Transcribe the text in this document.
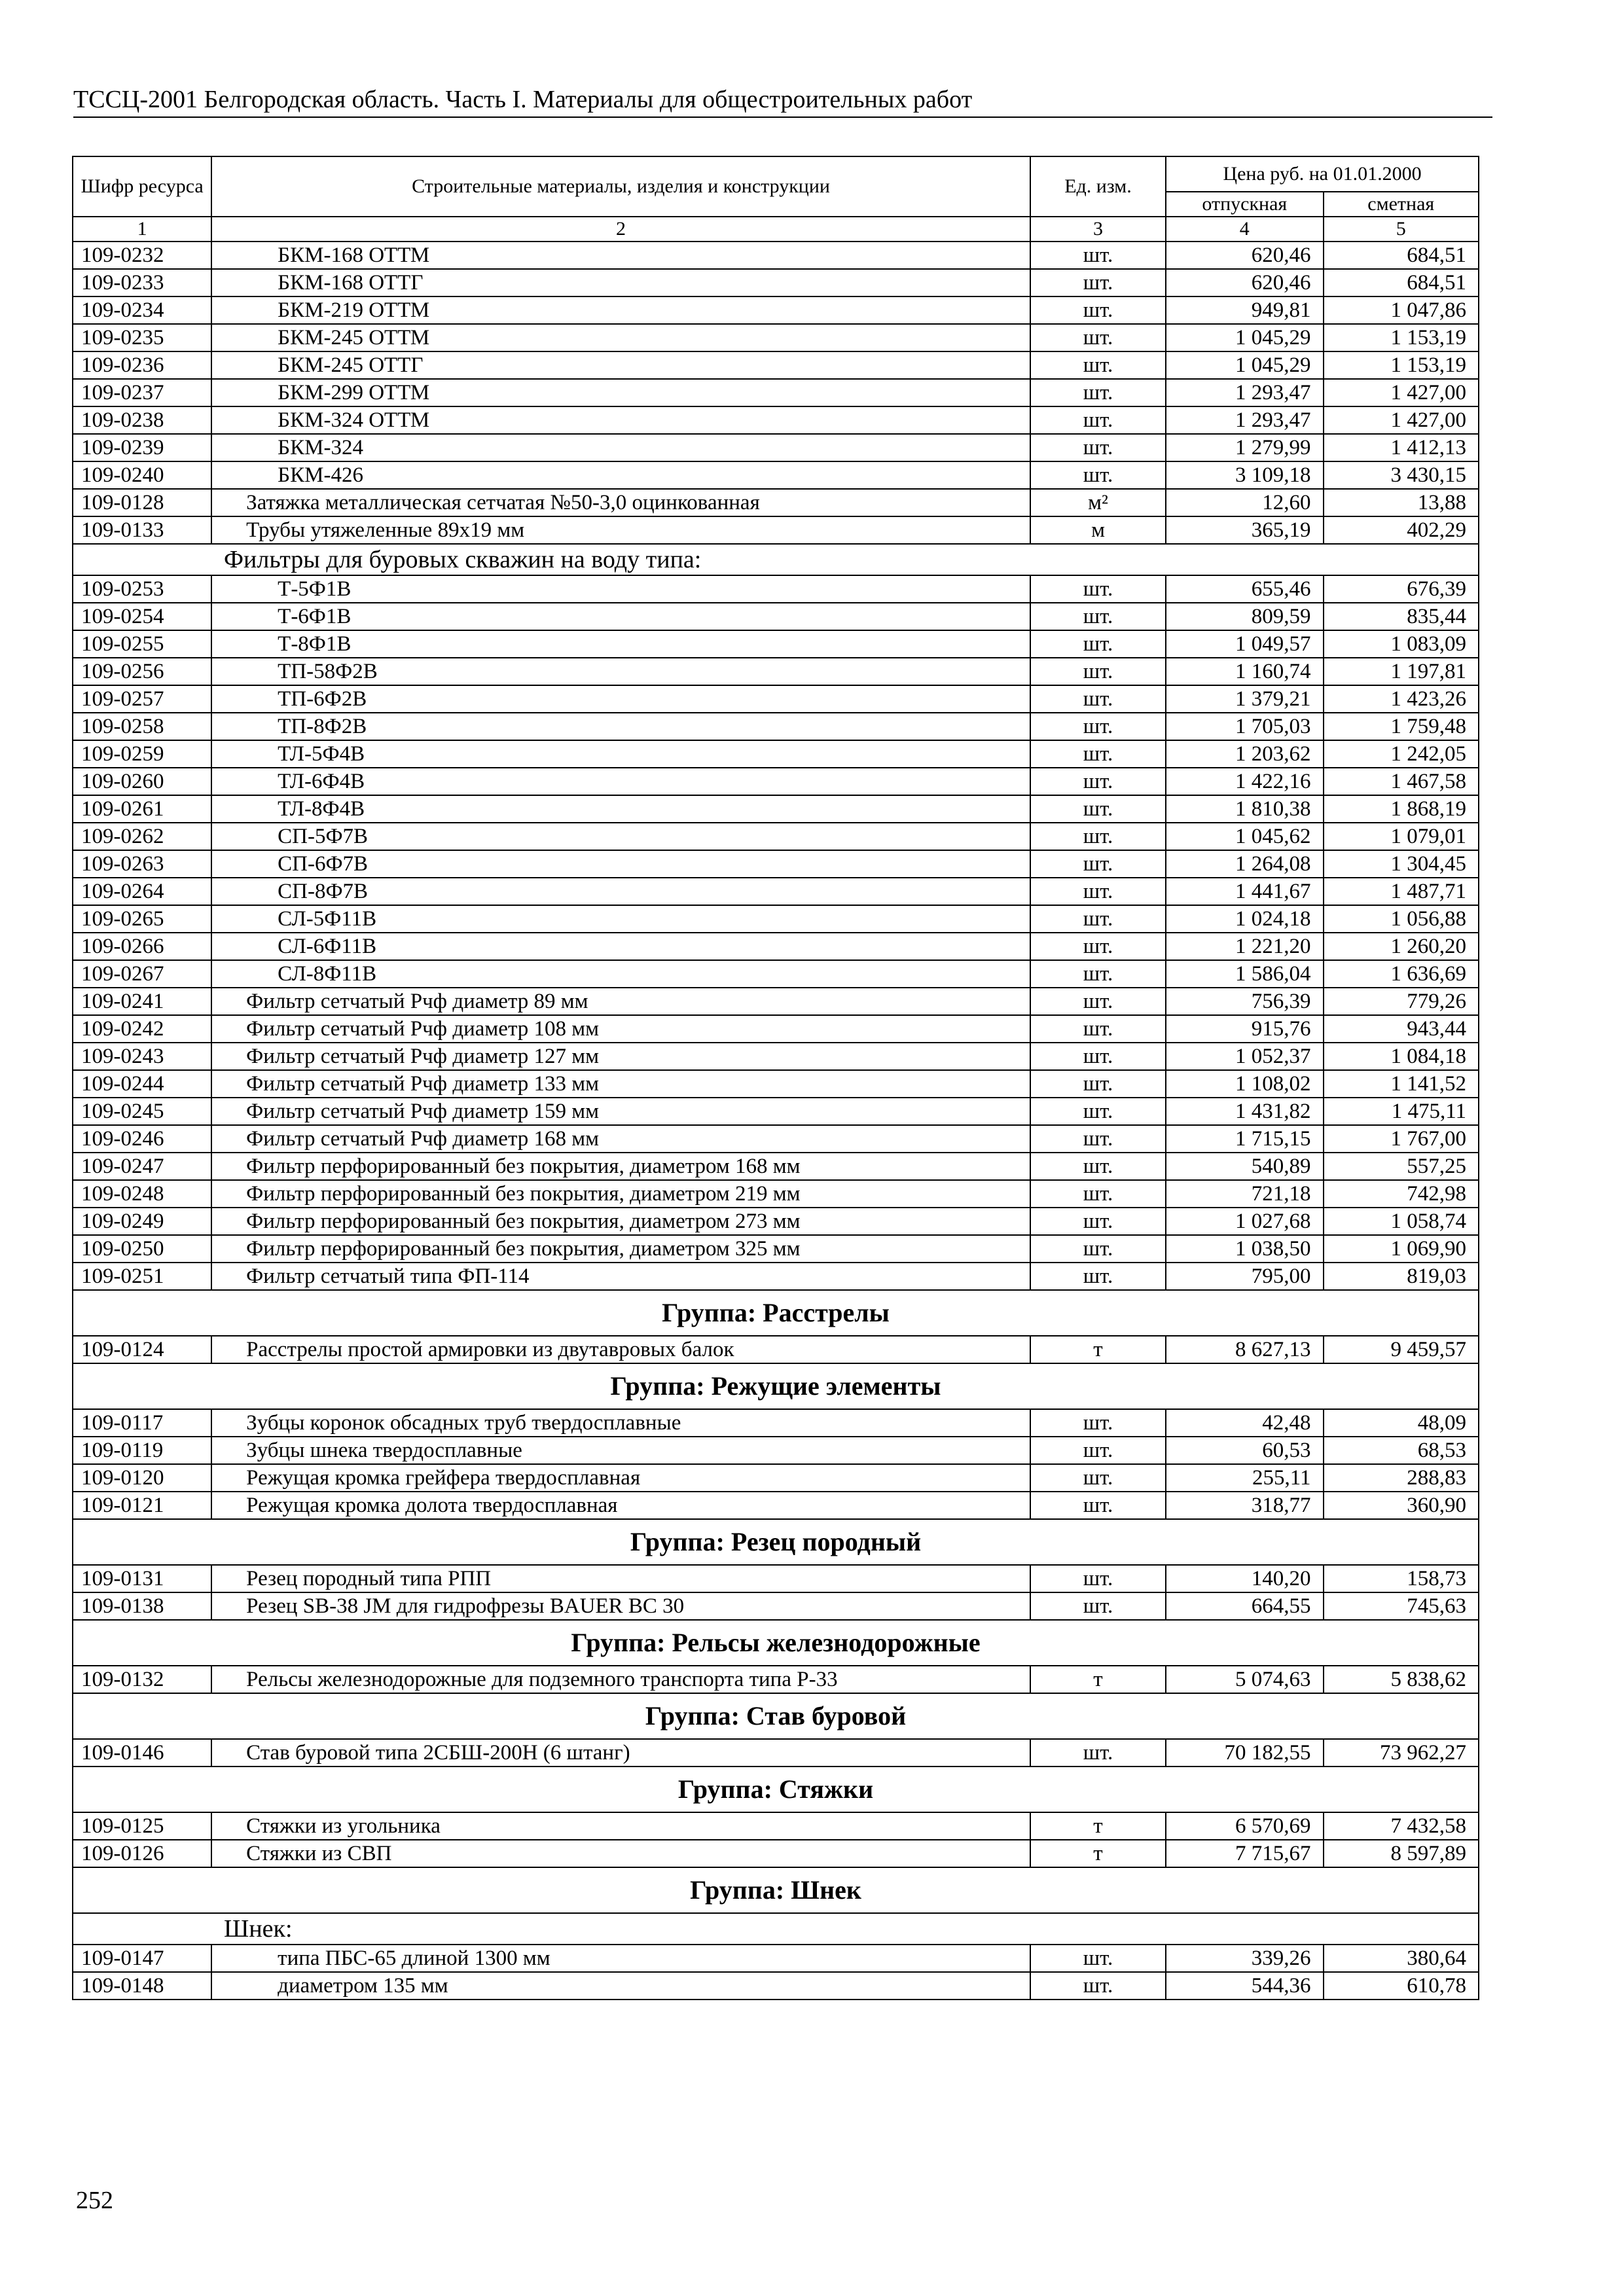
ТССЦ-2001 Белгородская область. Часть I. Материалы для общестроительных работ
Шифр ресурса	Строительные материалы, изделия и конструкции	Ед. изм.	Цена руб. на 01.01.2000	
			отпускная	сметная
1	2	3	4	5
109-0232	БКМ-168 ОТТМ	шт.	620,46	684,51
109-0233	БКМ-168 ОТТГ	шт.	620,46	684,51
109-0234	БКМ-219 ОТТМ	шт.	949,81	1 047,86
109-0235	БКМ-245 ОТТМ	шт.	1 045,29	1 153,19
109-0236	БКМ-245 ОТТГ	шт.	1 045,29	1 153,19
109-0237	БКМ-299 ОТТМ	шт.	1 293,47	1 427,00
109-0238	БКМ-324 ОТТМ	шт.	1 293,47	1 427,00
109-0239	БКМ-324	шт.	1 279,99	1 412,13
109-0240	БКМ-426	шт.	3 109,18	3 430,15
109-0128	Затяжка металлическая сетчатая №50-3,0 оцинкованная	м²	12,60	13,88
109-0133	Трубы утяжеленные 89x19 мм	м	365,19	402,29
Фильтры для буровых скважин на воду типа:				
109-0253	Т-5Ф1В	шт.	655,46	676,39
109-0254	Т-6Ф1В	шт.	809,59	835,44
109-0255	Т-8Ф1В	шт.	1 049,57	1 083,09
109-0256	ТП-58Ф2В	шт.	1 160,74	1 197,81
109-0257	ТП-6Ф2В	шт.	1 379,21	1 423,26
109-0258	ТП-8Ф2В	шт.	1 705,03	1 759,48
109-0259	ТЛ-5Ф4В	шт.	1 203,62	1 242,05
109-0260	ТЛ-6Ф4В	шт.	1 422,16	1 467,58
109-0261	ТЛ-8Ф4В	шт.	1 810,38	1 868,19
109-0262	СП-5Ф7В	шт.	1 045,62	1 079,01
109-0263	СП-6Ф7В	шт.	1 264,08	1 304,45
109-0264	СП-8Ф7В	шт.	1 441,67	1 487,71
109-0265	СЛ-5Ф11В	шт.	1 024,18	1 056,88
109-0266	СЛ-6Ф11В	шт.	1 221,20	1 260,20
109-0267	СЛ-8Ф11В	шт.	1 586,04	1 636,69
109-0241	Фильтр сетчатый Рчф диаметр 89 мм	шт.	756,39	779,26
109-0242	Фильтр сетчатый Рчф диаметр 108 мм	шт.	915,76	943,44
109-0243	Фильтр сетчатый Рчф диаметр 127 мм	шт.	1 052,37	1 084,18
109-0244	Фильтр сетчатый Рчф диаметр 133 мм	шт.	1 108,02	1 141,52
109-0245	Фильтр сетчатый Рчф диаметр 159 мм	шт.	1 431,82	1 475,11
109-0246	Фильтр сетчатый Рчф диаметр 168 мм	шт.	1 715,15	1 767,00
109-0247	Фильтр перфорированный без покрытия, диаметром 168 мм	шт.	540,89	557,25
109-0248	Фильтр перфорированный без покрытия, диаметром 219 мм	шт.	721,18	742,98
109-0249	Фильтр перфорированный без покрытия, диаметром 273 мм	шт.	1 027,68	1 058,74
109-0250	Фильтр перфорированный без покрытия, диаметром 325 мм	шт.	1 038,50	1 069,90
109-0251	Фильтр сетчатый типа ФП-114	шт.	795,00	819,03
Группа: Расстрелы				
109-0124	Расстрелы простой армировки из двутавровых балок	т	8 627,13	9 459,57
Группа: Режущие элементы				
109-0117	Зубцы коронок обсадных труб твердосплавные	шт.	42,48	48,09
109-0119	Зубцы шнека твердосплавные	шт.	60,53	68,53
109-0120	Режущая кромка грейфера твердосплавная	шт.	255,11	288,83
109-0121	Режущая кромка долота твердосплавная	шт.	318,77	360,90
Группа: Резец породный				
109-0131	Резец породный типа РПП	шт.	140,20	158,73
109-0138	Резец SB-38 JM для гидрофрезы BAUER BC 30	шт.	664,55	745,63
Группа: Рельсы железнодорожные				
109-0132	Рельсы железнодорожные для подземного транспорта типа Р-33	т	5 074,63	5 838,62
Группа: Став буровой				
109-0146	Став буровой типа 2СБШ-200Н (6 штанг)	шт.	70 182,55	73 962,27
Группа: Стяжки				
109-0125	Стяжки из угольника	т	6 570,69	7 432,58
109-0126	Стяжки из СВП	т	7 715,67	8 597,89
Группа: Шнек				
Шнек:				
109-0147	типа ПБС-65 длиной 1300 мм	шт.	339,26	380,64
109-0148	диаметром 135 мм	шт.	544,36	610,78
252
